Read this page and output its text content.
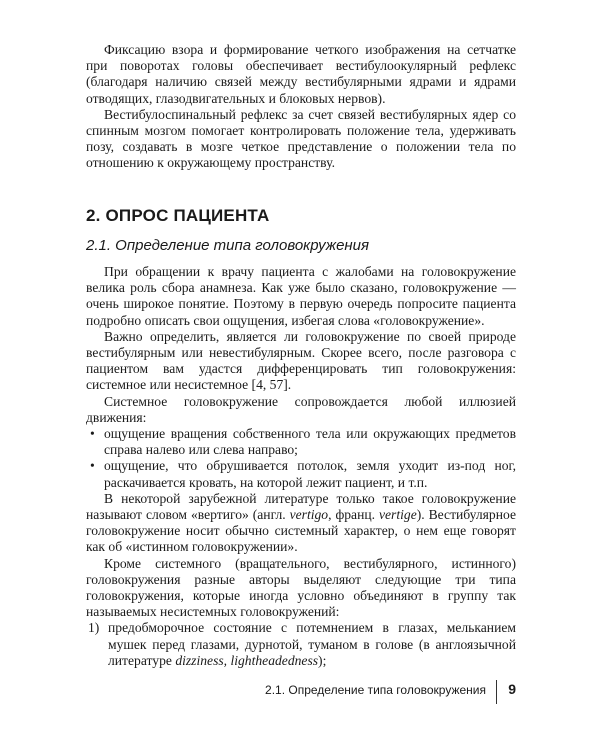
Фиксацию взора и формирование четкого изображения на сетчатке при поворотах головы обеспечивает вестибулоокулярный рефлекс (благодаря наличию связей между вестибулярными ядрами и ядрами отводящих, глазодвигательных и блоковых нервов).

Вестибулоспинальный рефлекс за счет связей вестибулярных ядер со спинным мозгом помогает контролировать положение тела, удерживать позу, создавать в мозге четкое представление о положении тела по отношению к окружающему пространству.

2. ОПРОС ПАЦИЕНТА
2.1. Определение типа головокружения

При обращении к врачу пациента с жалобами на головокружение велика роль сбора анамнеза. Как уже было сказано, головокружение — очень широкое понятие. Поэтому в первую очередь попросите пациента подробно описать свои ощущения, избегая слова «головокружение».

Важно определить, является ли головокружение по своей природе вестибулярным или невестибулярным. Скорее всего, после разговора с пациентом вам удастся дифференцировать тип головокружения: системное или несистемное [4, 57].

Системное головокружение сопровождается любой иллюзией движения:

• ощущение вращения собственного тела или окружающих предметов справа налево или слева направо;
• ощущение, что обрушивается потолок, земля уходит из-под ног, раскачивается кровать, на которой лежит пациент, и т.п.

В некоторой зарубежной литературе только такое головокружение называют словом «вертиго» (англ. vertigo, франц. vertige). Вестибулярное головокружение носит обычно системный характер, о нем еще говорят как об «истинном головокружении».

Кроме системного (вращательного, вестибулярного, истинного) головокружения разные авторы выделяют следующие три типа головокружения, которые иногда условно объединяют в группу так называемых несистемных головокружений:

1) предобморочное состояние с потемнением в глазах, мельканием мушек перед глазами, дурнотой, туманом в голове (в англоязычной литературе dizziness, lightheadedness);
2.1. Определение типа головокружения 9
